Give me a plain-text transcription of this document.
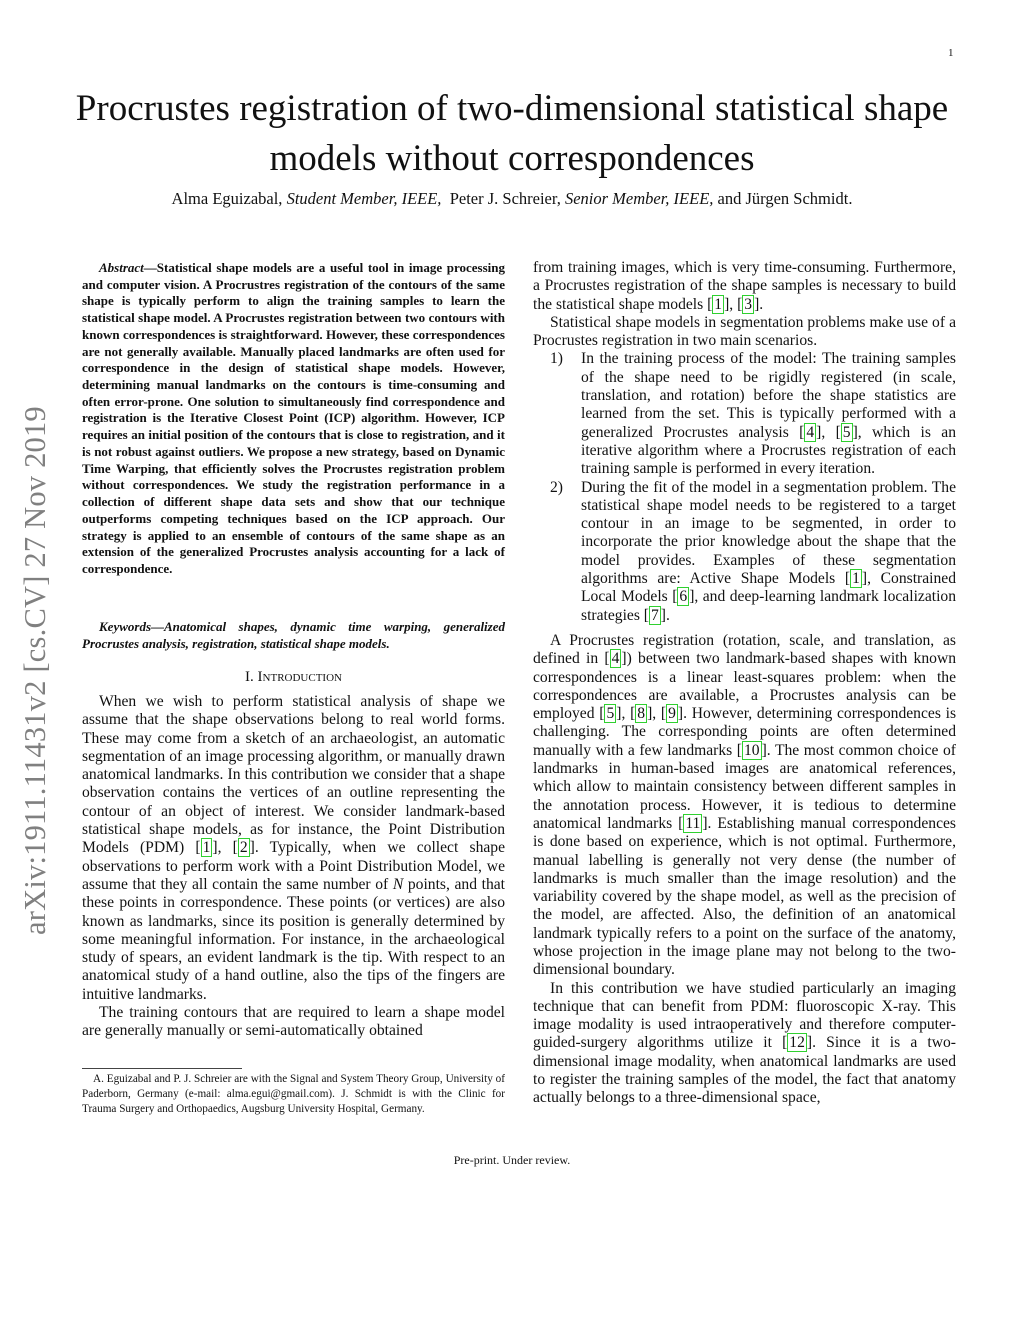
1
Procrustes registration of two-dimensional statistical shape models without correspondences
Alma Eguizabal, Student Member, IEEE, Peter J. Schreier, Senior Member, IEEE, and Jürgen Schmidt.
arXiv:1911.11431v2 [cs.CV] 27 Nov 2019

Abstract—Statistical shape models are a useful tool in image processing and computer vision. A Procrustres registration of the contours of the same shape is typically perform to align the training samples to learn the statistical shape model. A Procrustes registration between two contours with known correspondences is straightforward. However, these correspondences are not generally available. Manually placed landmarks are often used for correspondence in the design of statistical shape models. However, determining manual landmarks on the contours is time-consuming and often error-prone. One solution to simultaneously find correspondence and registration is the Iterative Closest Point (ICP) algorithm. However, ICP requires an initial position of the contours that is close to registration, and it is not robust against outliers. We propose a new strategy, based on Dynamic Time Warping, that efficiently solves the Procrustes registration problem without correspondences. We study the registration performance in a collection of different shape data sets and show that our technique outperforms competing techniques based on the ICP approach. Our strategy is applied to an ensemble of contours of the same shape as an extension of the generalized Procrustes analysis accounting for a lack of correspondence.

Keywords—Anatomical shapes, dynamic time warping, generalized Procrustes analysis, registration, statistical shape models.

I. Introduction

When we wish to perform statistical analysis of shape we assume that the shape observations belong to real world forms. These may come from a sketch of an archaeologist, an automatic segmentation of an image processing algorithm, or manually drawn anatomical landmarks. In this contribution we consider that a shape observation contains the vertices of an outline representing the contour of an object of interest. We consider landmark-based statistical shape models, as for instance, the Point Distribution Models (PDM) [ 1 ], [ 2 ]. Typically, when we collect shape observations to perform work with a Point Distribution Model, we assume that they all contain the same number of N points, and that these points in correspondence. These points (or vertices) are also known as landmarks, since its position is generally determined by some meaningful information. For instance, in the archaeological study of spears, an evident landmark is the tip. With respect to an anatomical study of a hand outline, also the tips of the fingers are intuitive landmarks.

The training contours that are required to learn a shape model are generally manually or semi-automatically obtained

A. Eguizabal and P. J. Schreier are with the Signal and System Theory Group, University of Paderborn, Germany (e-mail: alma.egui@gmail.com). J. Schmidt is with the Clinic for Trauma Surgery and Orthopaedics, Augsburg University Hospital, Germany.

from training images, which is very time-consuming. Furthermore, a Procrustes registration of the shape samples is necessary to build the statistical shape models [ 1 ], [ 3 ].

Statistical shape models in segmentation problems make use of a Procrustes registration in two main scenarios.

1) In the training process of the model: The training samples of the shape need to be rigidly registered (in scale, translation, and rotation) before the shape statistics are learned from the set. This is typically performed with a generalized Procrustes analysis [ 4 ], [ 5 ], which is an iterative algorithm where a Procrustes registration of each training sample is performed in every iteration.
2) During the fit of the model in a segmentation problem. The statistical shape model needs to be registered to a target contour in an image to be segmented, in order to incorporate the prior knowledge about the shape that the model provides. Examples of these segmentation algorithms are: Active Shape Models [ 1 ], Constrained Local Models [ 6 ], and deep-learning landmark localization strategies [ 7 ].

A Procrustes registration (rotation, scale, and translation, as defined in [ 4 ]) between two landmark-based shapes with known correspondences is a linear least-squares problem: when the correspondences are available, a Procrustes analysis can be employed [ 5 ], [ 8 ], [ 9 ]. However, determining correspondences is challenging. The corresponding points are often determined manually with a few landmarks [ 10 ]. The most common choice of landmarks in human-based images are anatomical references, which allow to maintain consistency between different samples in the annotation process. However, it is tedious to determine anatomical landmarks [ 11 ]. Establishing manual correspondences is done based on experience, which is not optimal. Furthermore, manual labelling is generally not very dense (the number of landmarks is much smaller than the image resolution) and the variability covered by the shape model, as well as the precision of the model, are affected. Also, the definition of an anatomical landmark typically refers to a point on the surface of the anatomy, whose projection in the image plane may not belong to the two-dimensional boundary.

In this contribution we have studied particularly an imaging technique that can benefit from PDM: fluoroscopic X-ray. This image modality is used intraoperatively and therefore computer-guided-surgery algorithms utilize it [ 12 ]. Since it is a two-dimensional image modality, when anatomical landmarks are used to register the training samples of the model, the fact that anatomy actually belongs to a three-dimensional space,

Pre-print. Under review.
